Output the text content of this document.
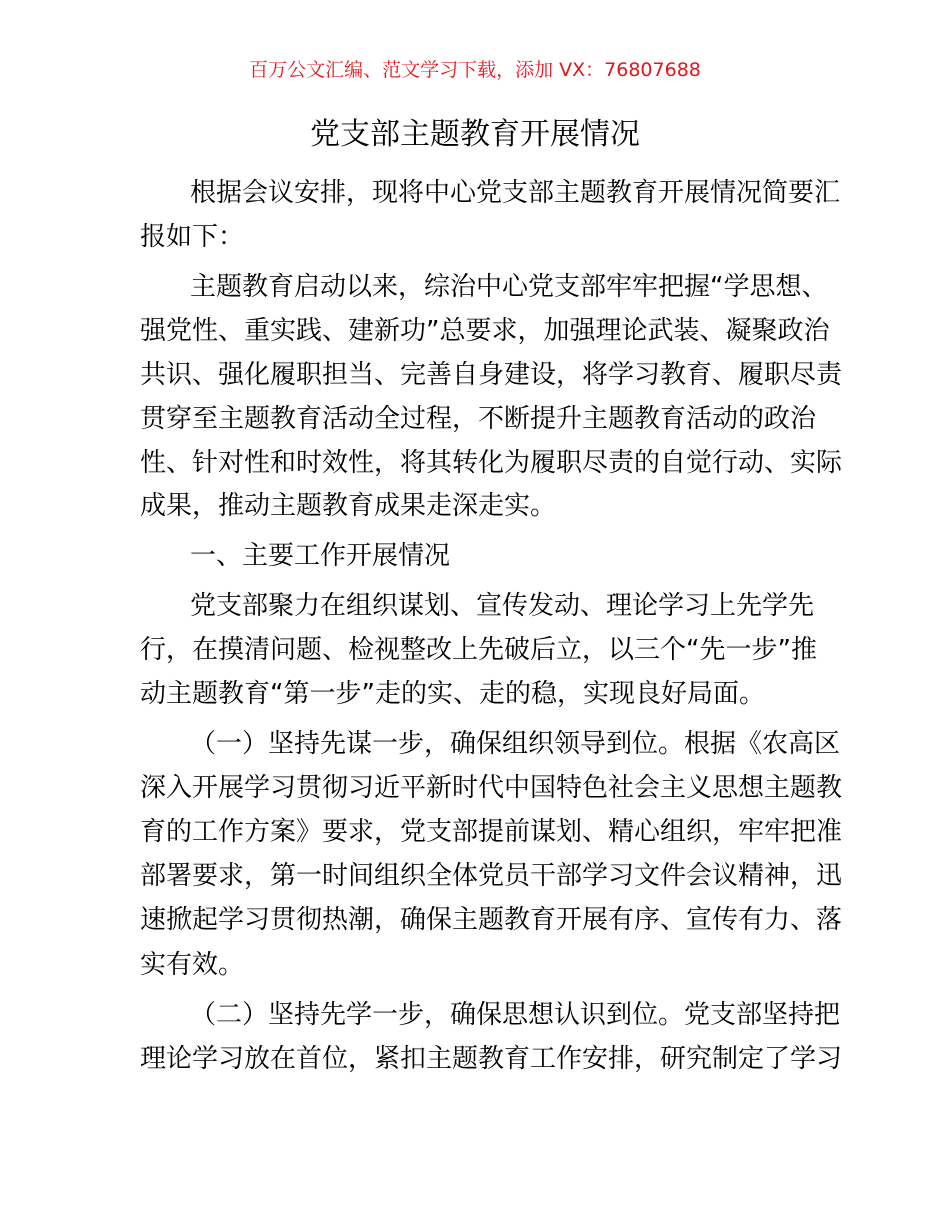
百万公文汇编、范文学习下载，添加 VX：76807688
党支部主题教育开展情况
根据会议安排，现将中心党支部主题教育开展情况简要汇
报如下：
主题教育启动以来，综治中心党支部牢牢把握“学思想、
强党性、重实践、建新功”总要求，加强理论武装、凝聚政治
共识、强化履职担当、完善自身建设，将学习教育、履职尽责
贯穿至主题教育活动全过程，不断提升主题教育活动的政治
性、针对性和时效性，将其转化为履职尽责的自觉行动、实际
成果，推动主题教育成果走深走实。
一、主要工作开展情况
党支部聚力在组织谋划、宣传发动、理论学习上先学先
行，在摸清问题、检视整改上先破后立，以三个“先一步”推
动主题教育“第一步”走的实、走的稳，实现良好局面。
（一）坚持先谋一步，确保组织领导到位。根据《农高区
深入开展学习贯彻习近平新时代中国特色社会主义思想主题教
育的工作方案》要求，党支部提前谋划、精心组织，牢牢把准
部署要求，第一时间组织全体党员干部学习文件会议精神，迅
速掀起学习贯彻热潮，确保主题教育开展有序、宣传有力、落
实有效。
（二）坚持先学一步，确保思想认识到位。党支部坚持把
理论学习放在首位，紧扣主题教育工作安排，研究制定了学习
